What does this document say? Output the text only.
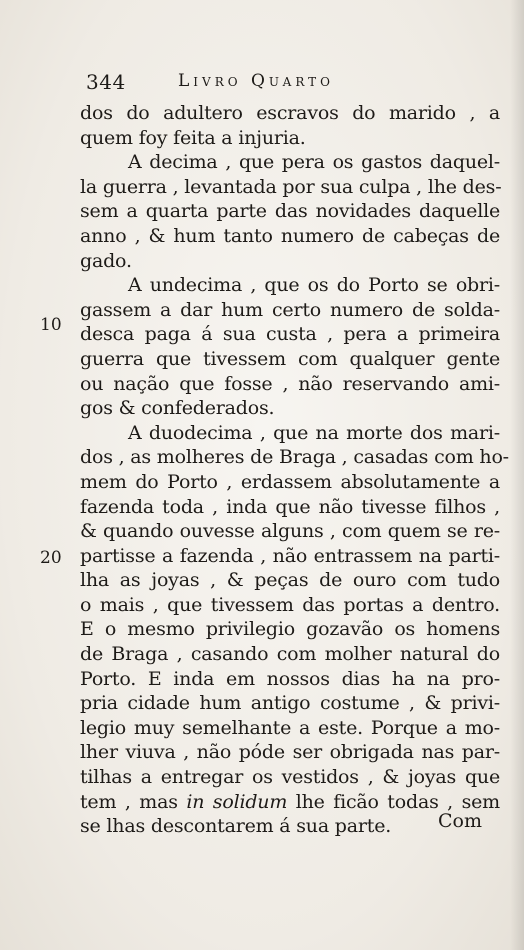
344	Livro Quarto
10
20
dos do adultero escravos do marido , a
quem foy feita a injuria.
A decima , que pera os gastos daquel-
la guerra , levantada por sua culpa , lhe des-
sem a quarta parte das novidades daquelle
anno , & hum tanto numero de cabeças de
gado.
A undecima , que os do Porto se obri-
gassem a dar hum certo numero de solda-
desca paga á sua custa , pera a primeira
guerra que tivessem com qualquer gente
ou nação que fosse , não reservando ami-
gos & confederados.
A duodecima , que na morte dos mari-
dos , as molheres de Braga , casadas com ho-
mem do Porto , erdassem absolutamente a
fazenda toda , inda que não tivesse filhos ,
& quando ouvesse alguns , com quem se re-
partisse a fazenda , não entrassem na parti-
lha as joyas , & peças de ouro com tudo
o mais , que tivessem das portas a dentro.
E o mesmo privilegio gozavão os homens
de Braga , casando com molher natural do
Porto. E inda em nossos dias ha na pro-
pria cidade hum antigo costume , & privi-
legio muy semelhante a este. Porque a mo-
lher viuva , não póde ser obrigada nas par-
tilhas a entregar os vestidos , & joyas que
tem , mas in solidum lhe ficão todas , sem
se lhas descontarem á sua parte.	Com
